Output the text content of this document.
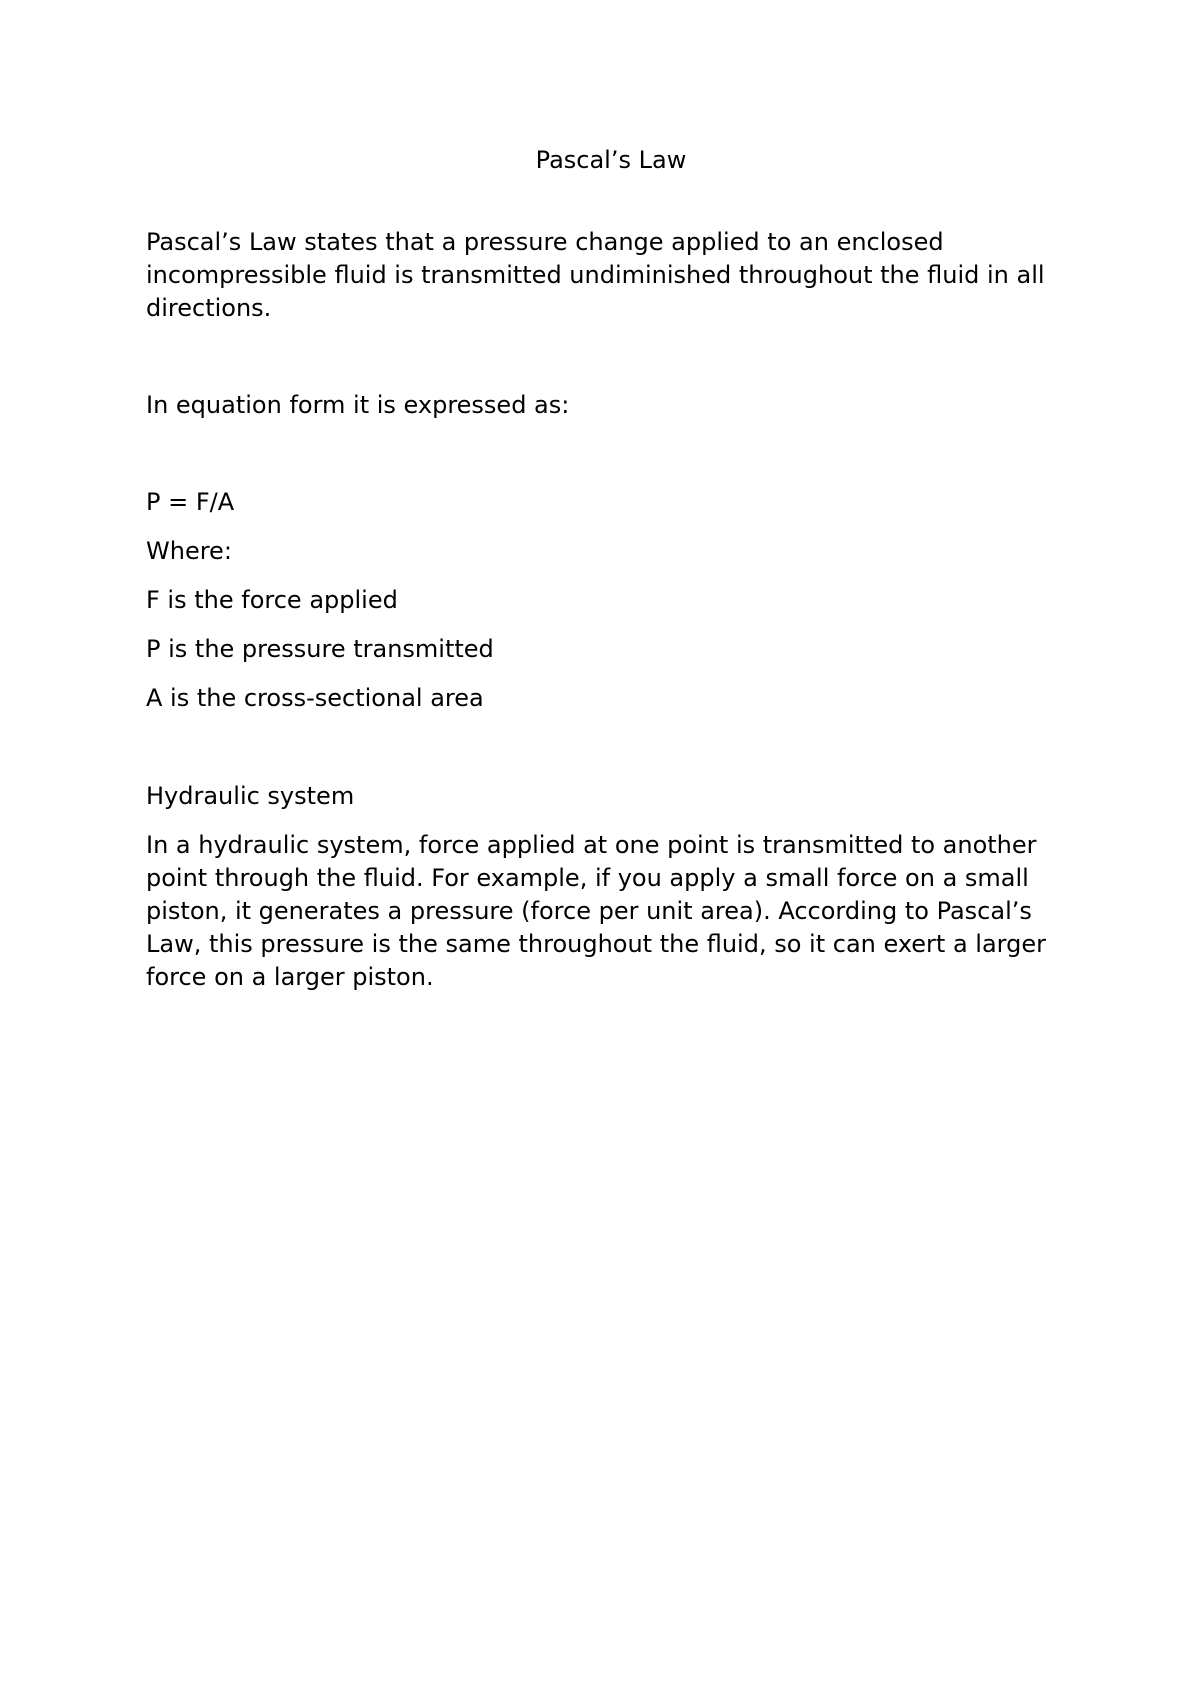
Pascal’s Law

Pascal’s Law states that a pressure change applied to an enclosed incompressible fluid is transmitted undiminished throughout the fluid in all directions.

In equation form it is expressed as:

P = F/A

Where:

F is the force applied

P is the pressure transmitted

A is the cross-sectional area

Hydraulic system

In a hydraulic system, force applied at one point is transmitted to another point through the fluid. For example, if you apply a small force on a small piston, it generates a pressure (force per unit area). According to Pascal’s Law, this pressure is the same throughout the fluid, so it can exert a larger force on a larger piston.
